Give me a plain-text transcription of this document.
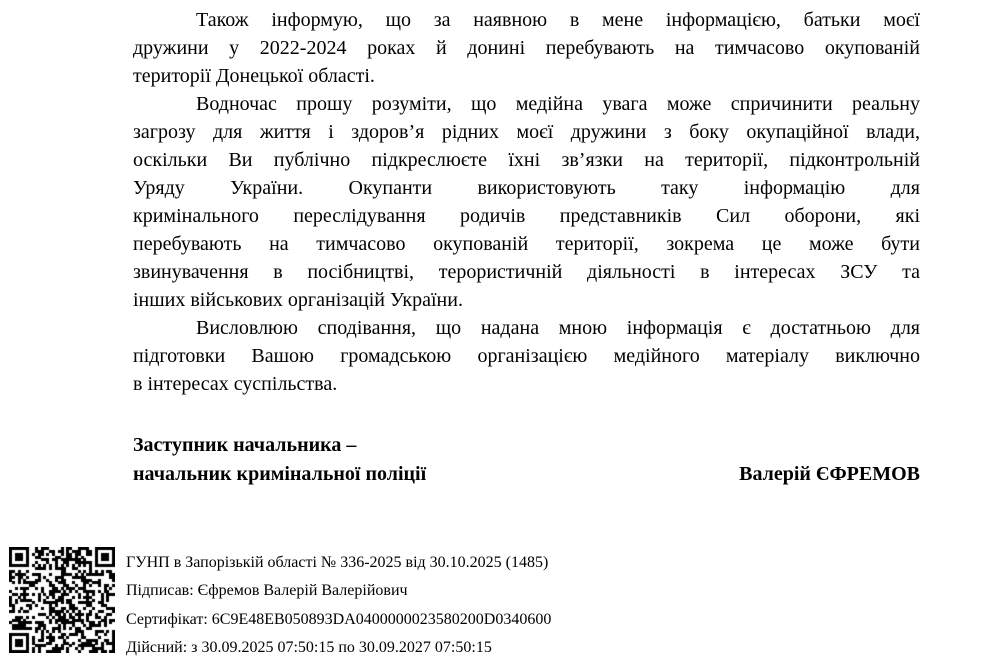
Також інформую, що за наявною в мене інформацією, батьки моєї
дружини у 2022-2024 роках й донині перебувають на тимчасово окупованій
території Донецької області.
Водночас прошу розуміти, що медійна увага може спричинити реальну
загрозу для життя і здоров’я рідних моєї дружини з боку окупаційної влади,
оскільки Ви публічно підкреслюєте їхні зв’язки на території, підконтрольній
Уряду України. Окупанти використовують таку інформацію для
кримінального переслідування родичів представників Сил оборони, які
перебувають на тимчасово окупованій території, зокрема це може бути
звинувачення в посібництві, терористичній діяльності в інтересах ЗСУ та
інших військових організацій України.
Висловлюю сподівання, що надана мною інформація є достатньою для
підготовки Вашою громадською організацією медійного матеріалу виключно
в інтересах суспільства.
Заступник начальника –
начальник кримінальної поліції	Валерій ЄФРЕМОВ
ГУНП в Запорізькій області № 336-2025 від 30.10.2025 (1485)
Підписав: Єфремов Валерій Валерійович
Сертифікат: 6C9E48EB050893DA0400000023580200D0340600
Дійсний: з 30.09.2025 07:50:15 по 30.09.2027 07:50:15
